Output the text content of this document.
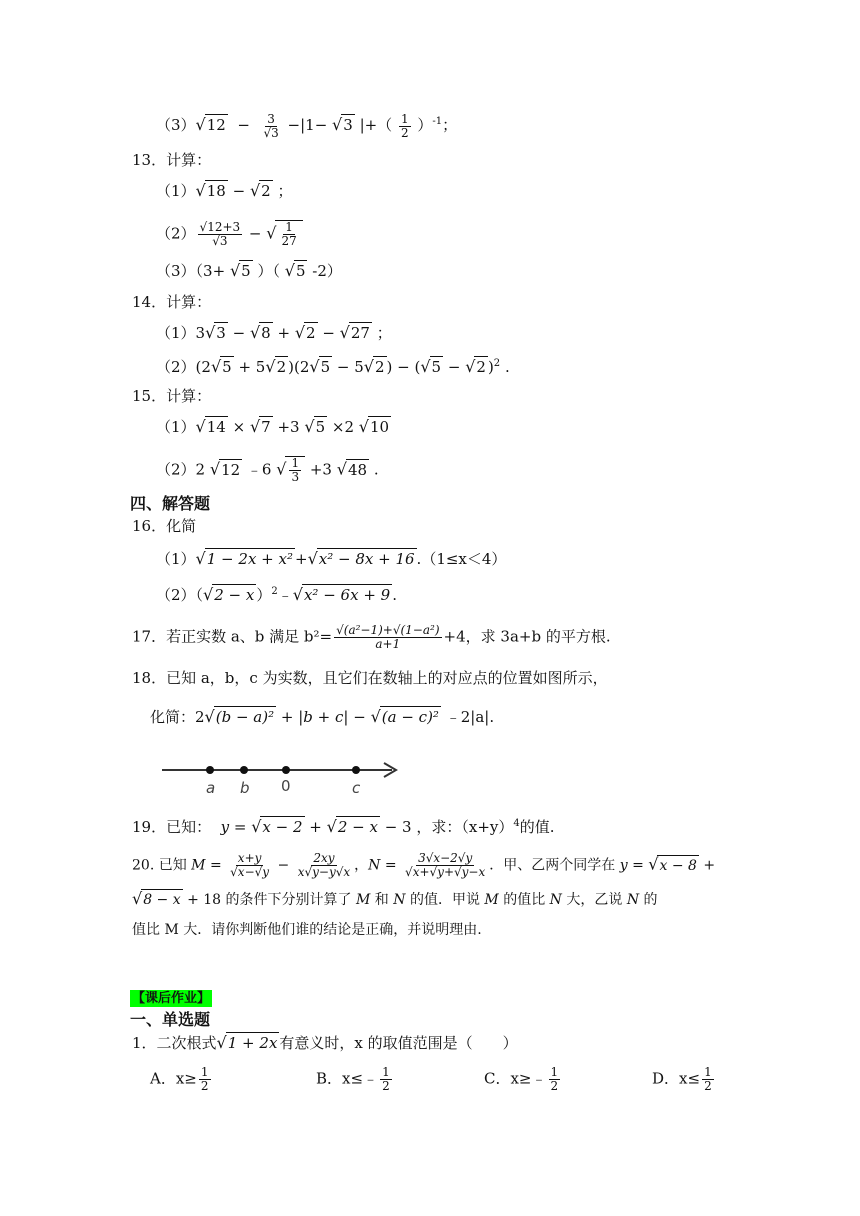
$(3)√12 - \frac{3}{√3} -|1- √3$ |+（ $\frac{1}{2} )^{-1}$；
13．计算：
（1）√18 − √2 ；
$(2) \frac{√12+3}{√3}$ − √ $\frac{1}{27}$
（3）（3+ √5 ）（ √5 -2）
14．计算：
（1）3√3 − √8 + √2 − √27 ；
（2）(2√5 + 5√2 )(2√5 − 5√2 ) − (√5 − √2 )$^2$ .
15．计算：
（1）√14 × √7 +3 √5 ×2 √10
（2）2 √12 ﹣6 √ $\frac{1}{3} +3$ √48 .
四、解答题
16．化简
（1）√1 − 2x + x² +√x² − 8x + 16 .（1≤x＜4）
（2）（√2 − x ）$^2$﹣√x² − 6x + 9 .
17．若正实数 a、b 满足 $b^2= \frac{\text{√(a²−1)+√(1−a²)}}{a+1} +4$，求 3a+b 的平方根.
18．已知 a，b，c 为实数，且它们在数轴上的对应点的位置如图所示，
化简：2√(b − a)² + |b + c| − √(a − c)² ﹣2|a|.
a b 0	c
19．已知：  y = √x − 2 + √2 − x − 3 ，求：$(x+y)^4$的值.
20. 已知 $M = \frac{x+y}{√x-√y} - \frac{2xy}{x√y-y√x}$ ，$N = \frac{3√x-2√y}{√x+√y+√y-x}$ ．甲、乙两个同学在 y = √x − 8 +
√8 − x + 18 的条件下分别计算了 M 和 N 的值．甲说 M 的值比 N 大，乙说 N 的
值比 M 大．请你判断他们谁的结论是正确，并说明理由.
【课后作业】
一、单选题
1．二次根式√1 + 2x 有意义时，x 的取值范围是（　　）
A．$x\ge \frac{1}{2}$	B．x≤﹣ $\frac{1}{2}$	C．x≥﹣ $\frac{1}{2}$	D．$x\le \frac{1}{2}$
